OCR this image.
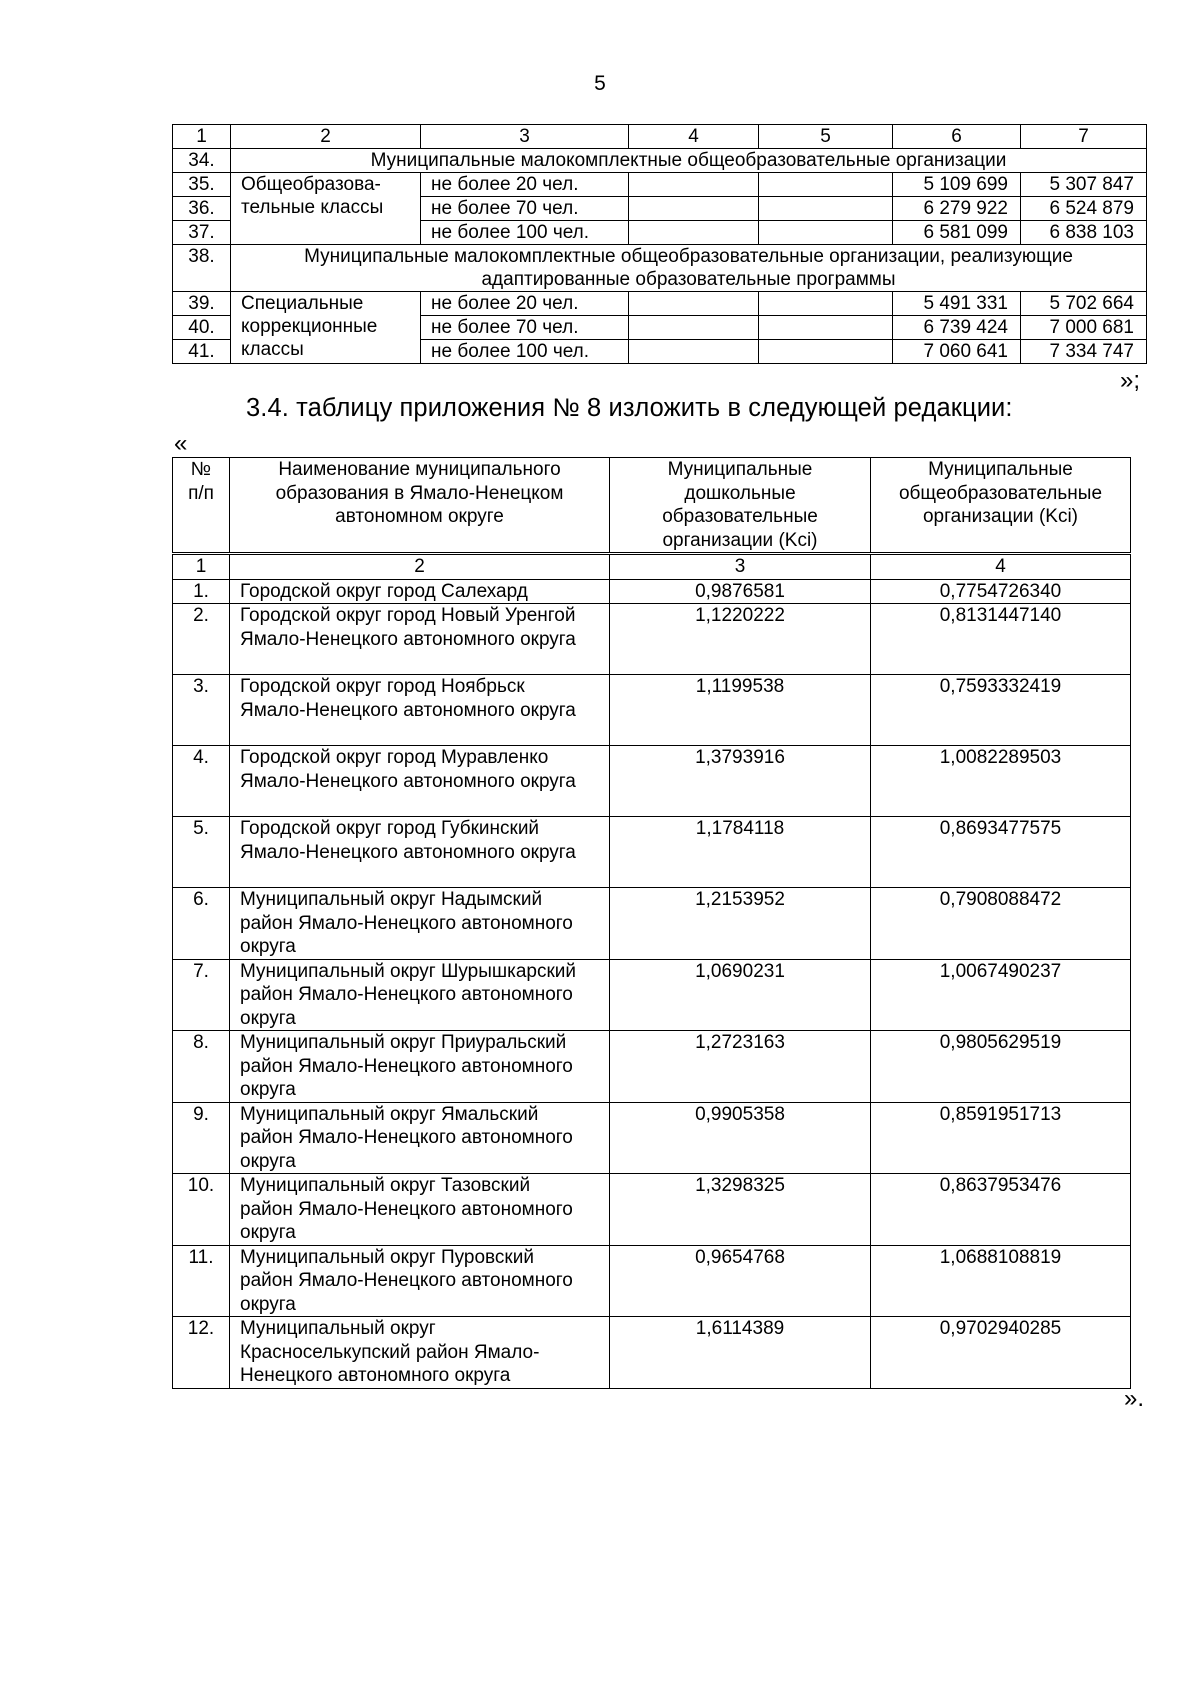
5
1	2	3	4	5	6	7
34.	Муниципальные малокомплектные общеобразовательные организации					
35.	Общеобразова-тельные классы	не более 20 чел.			5 109 699	5 307 847
36.		не более 70 чел.			6 279 922	6 524 879
37.		не более 100 чел.			6 581 099	6 838 103
38.	Муниципальные малокомплектные общеобразовательные организации, реализующие адаптированные образовательные программы					
39.	Специальные коррекционные классы	не более 20 чел.			5 491 331	5 702 664
40.		не более 70 чел.			6 739 424	7 000 681
41.		не более 100 чел.			7 060 641	7 334 747
»;
3.4. таблицу приложения № 8 изложить в следующей редакции:
«
№ п/п	Наименование муниципального образования в Ямало-Ненецком автономном округе	Муниципальные дошкольные образовательные организации (Kci)	Муниципальные общеобразовательные организации (Kci)
1	2	3	4
1.	Городской округ город Салехард	0,9876581	0,7754726340
2.	Городской округ город Новый Уренгой Ямало-Ненецкого автономного округа	1,1220222	0,8131447140
3.	Городской округ город Ноябрьск Ямало-Ненецкого автономного округа	1,1199538	0,7593332419
4.	Городской округ город Муравленко Ямало-Ненецкого автономного округа	1,3793916	1,0082289503
5.	Городской округ город Губкинский Ямало-Ненецкого автономного округа	1,1784118	0,8693477575
6.	Муниципальный округ Надымский район Ямало-Ненецкого автономного округа	1,2153952	0,7908088472
7.	Муниципальный округ Шурышкарский район Ямало-Ненецкого автономного округа	1,0690231	1,0067490237
8.	Муниципальный округ Приуральский район Ямало-Ненецкого автономного округа	1,2723163	0,9805629519
9.	Муниципальный округ Ямальский район Ямало-Ненецкого автономного округа	0,9905358	0,8591951713
10.	Муниципальный округ Тазовский район Ямало-Ненецкого автономного округа	1,3298325	0,8637953476
11.	Муниципальный округ Пуровский район Ямало-Ненецкого автономного округа	0,9654768	1,0688108819
12.	Муниципальный округ Красноселькупский район Ямало-Ненецкого автономного округа	1,6114389	0,9702940285
».
